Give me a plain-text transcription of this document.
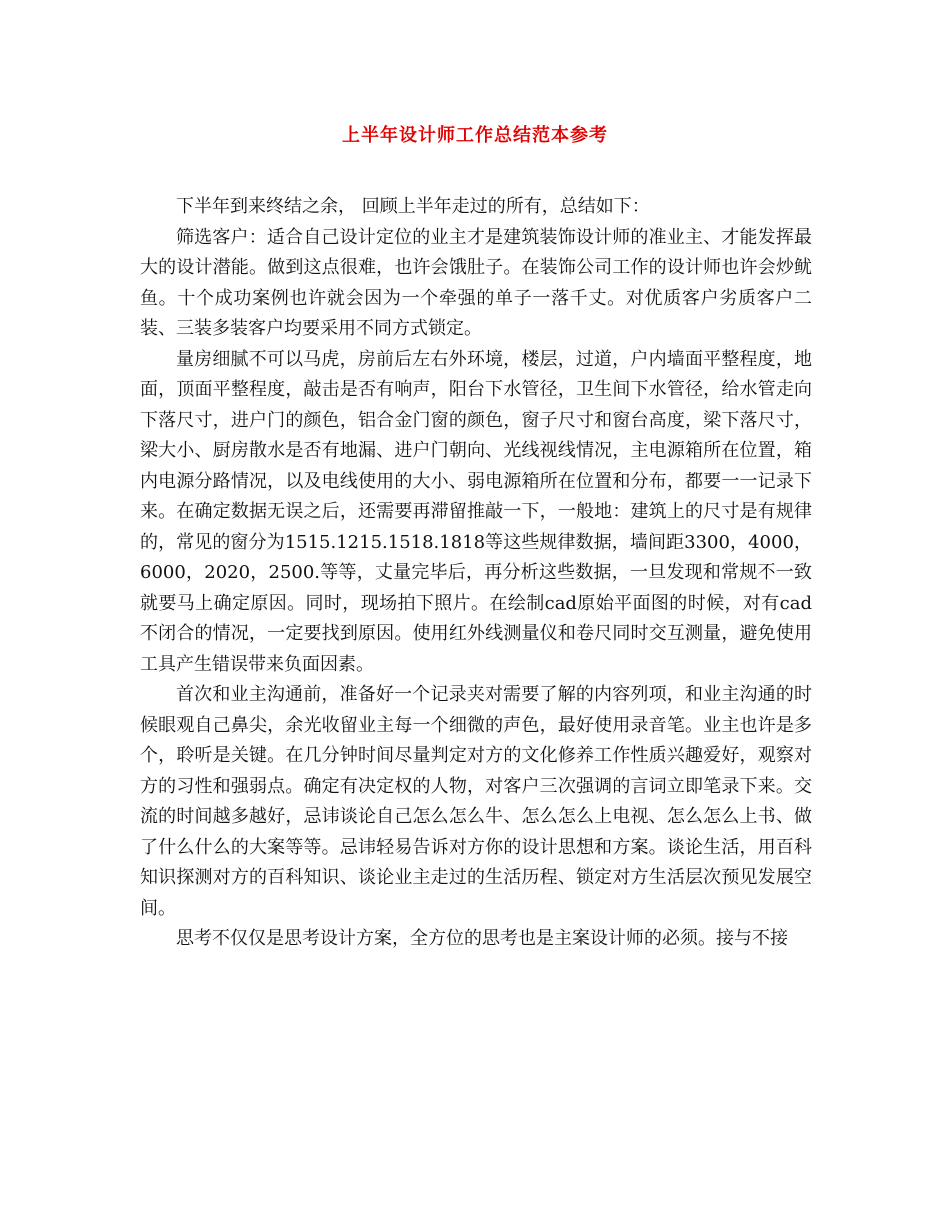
上半年设计师工作总结范本参考

下半年到来终结之余， 回顾上半年走过的所有，总结如下：

筛选客户：适合自己设计定位的业主才是建筑装饰设计师的准业主、才能发挥最大的设计潜能。做到这点很难，也许会饿肚子。在装饰公司工作的设计师也许会炒鱿鱼。十个成功案例也许就会因为一个牵强的单子一落千丈。对优质客户劣质客户二装、三装多装客户均要采用不同方式锁定。

量房细腻不可以马虎，房前后左右外环境，楼层，过道，户内墙面平整程度，地面，顶面平整程度，敲击是否有响声，阳台下水管径，卫生间下水管径，给水管走向下落尺寸，进户门的颜色，铝合金门窗的颜色，窗子尺寸和窗台高度，梁下落尺寸，梁大小、厨房散水是否有地漏、进户门朝向、光线视线情况，主电源箱所在位置，箱内电源分路情况，以及电线使用的大小、弱电源箱所在位置和分布，都要一一记录下来。在确定数据无误之后，还需要再滞留推敲一下，一般地：建筑上的尺寸是有规律的，常见的窗分为1515.1215.1518.1818等这些规律数据，墙间距3300，4000，6000，2020，2500.等等，丈量完毕后，再分析这些数据，一旦发现和常规不一致就要马上确定原因。同时，现场拍下照片。在绘制cad原始平面图的时候，对有cad不闭合的情况，一定要找到原因。使用红外线测量仪和卷尺同时交互测量，避免使用工具产生错误带来负面因素。

首次和业主沟通前，准备好一个记录夹对需要了解的内容列项，和业主沟通的时候眼观自己鼻尖，余光收留业主每一个细微的声色，最好使用录音笔。业主也许是多个，聆听是关键。在几分钟时间尽量判定对方的文化修养工作性质兴趣爱好，观察对方的习性和强弱点。确定有决定权的人物，对客户三次强调的言词立即笔录下来。交流的时间越多越好，忌讳谈论自己怎么怎么牛、怎么怎么上电视、怎么怎么上书、做了什么什么的大案等等。忌讳轻易告诉对方你的设计思想和方案。谈论生活，用百科知识探测对方的百科知识、谈论业主走过的生活历程、锁定对方生活层次预见发展空间。

思考不仅仅是思考设计方案，全方位的思考也是主案设计师的必须。接与不接
